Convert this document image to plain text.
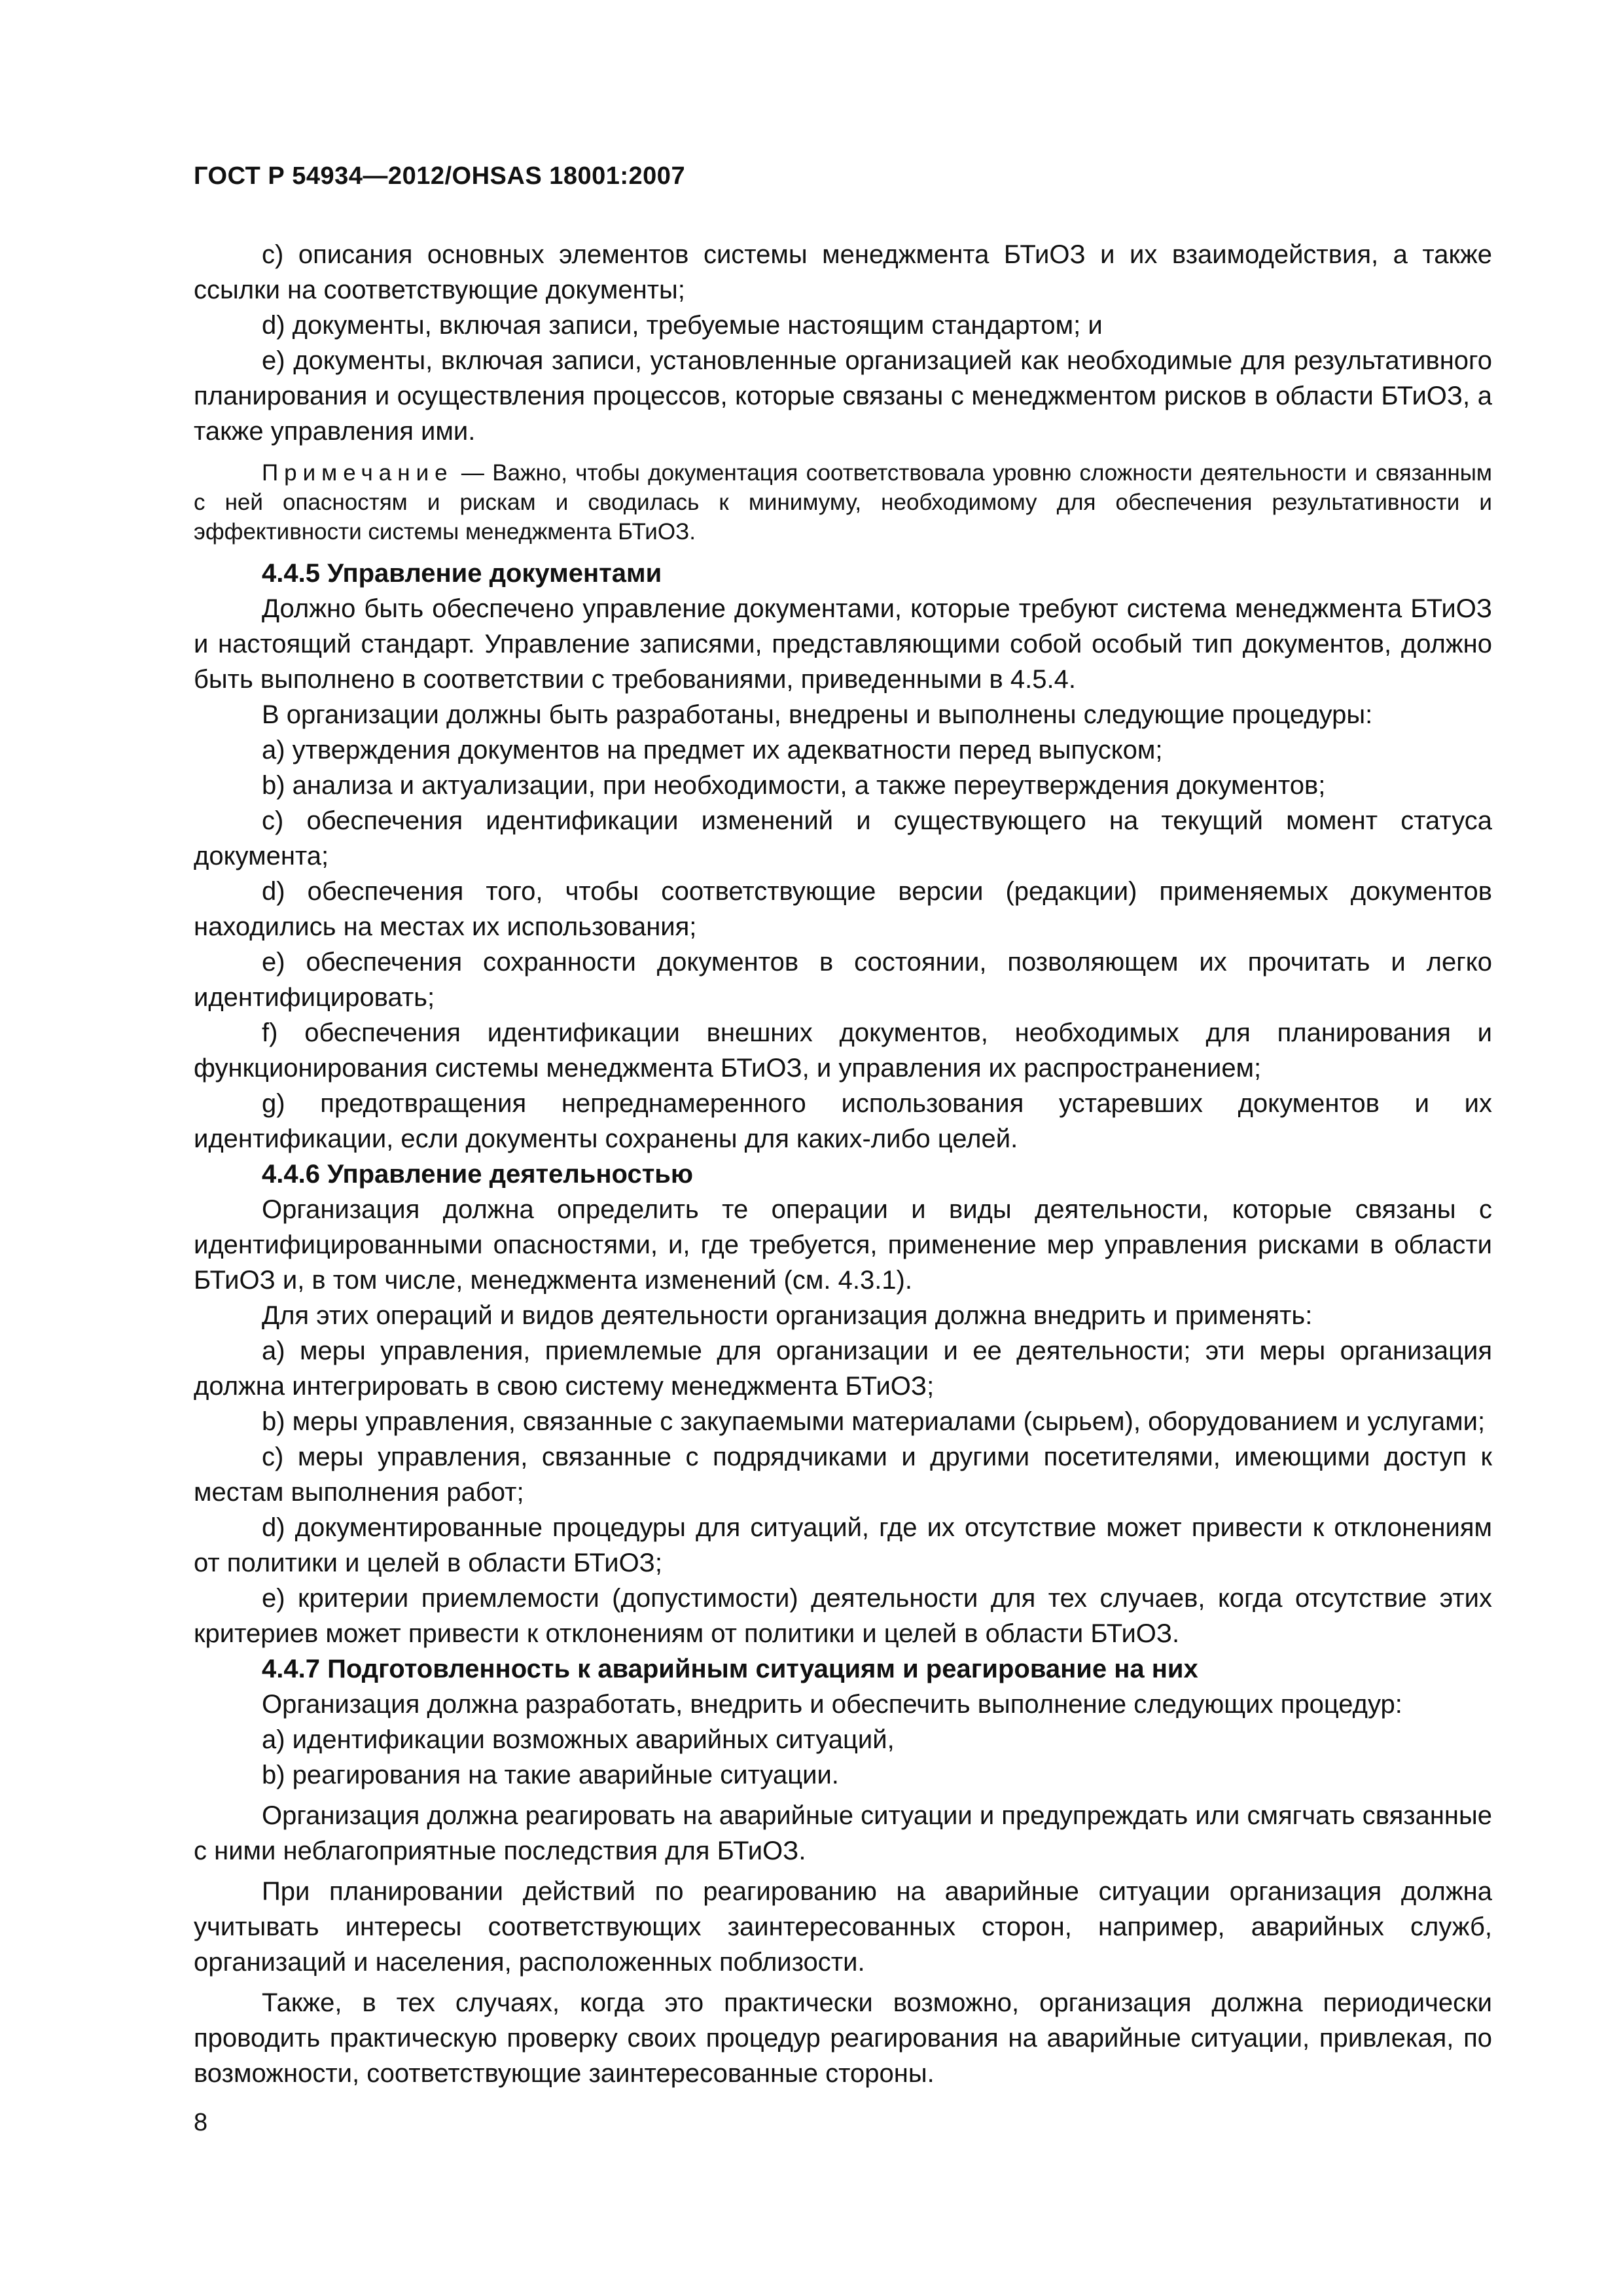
ГОСТ Р 54934—2012/OHSAS 18001:2007

с) описания основных элементов системы менеджмента БТиОЗ и их взаимодействия, а также ссылки на соответствующие документы;

d) документы, включая записи, требуемые настоящим стандартом; и

е) документы, включая записи, установленные организацией как необходимые для результативного планирования и осуществления процессов, которые связаны с менеджментом рисков в области БТиОЗ, а также управления ими.

Примечание — Важно, чтобы документация соответствовала уровню сложности деятельности и связанным с ней опасностям и рискам и сводилась к минимуму, необходимому для обеспечения результативности и эффективности системы менеджмента БТиОЗ.

4.4.5 Управление документами

Должно быть обеспечено управление документами, которые требуют система менеджмента БТиОЗ и настоящий стандарт. Управление записями, представляющими собой особый тип документов, должно быть выполнено в соответствии с требованиями, приведенными в 4.5.4.

В организации должны быть разработаны, внедрены и выполнены следующие процедуры:

а) утверждения документов на предмет их адекватности перед выпуском;

b) анализа и актуализации, при необходимости, а также переутверждения документов;

с) обеспечения идентификации изменений и существующего на текущий момент статуса документа;

d) обеспечения того, чтобы соответствующие версии (редакции) применяемых документов находились на местах их использования;

е) обеспечения сохранности документов в состоянии, позволяющем их прочитать и легко идентифицировать;

f) обеспечения идентификации внешних документов, необходимых для планирования и функционирования системы менеджмента БТиОЗ, и управления их распространением;

g) предотвращения непреднамеренного использования устаревших документов и их идентификации, если документы сохранены для каких-либо целей.

4.4.6 Управление деятельностью

Организация должна определить те операции и виды деятельности, которые связаны с идентифицированными опасностями, и, где требуется, применение мер управления рисками в области БТиОЗ и, в том числе, менеджмента изменений (см. 4.3.1).

Для этих операций и видов деятельности организация должна внедрить и применять:

а) меры управления, приемлемые для организации и ее деятельности; эти меры организация должна интегрировать в свою систему менеджмента БТиОЗ;

b) меры управления, связанные с закупаемыми материалами (сырьем), оборудованием и услугами;

с) меры управления, связанные с подрядчиками и другими посетителями, имеющими доступ к местам выполнения работ;

d) документированные процедуры для ситуаций, где их отсутствие может привести к отклонениям от политики и целей в области БТиОЗ;

е) критерии приемлемости (допустимости) деятельности для тех случаев, когда отсутствие этих критериев может привести к отклонениям от политики и целей в области БТиОЗ.

4.4.7 Подготовленность к аварийным ситуациям и реагирование на них

Организация должна разработать, внедрить и обеспечить выполнение следующих процедур:

а) идентификации возможных аварийных ситуаций,

b) реагирования на такие аварийные ситуации.

Организация должна реагировать на аварийные ситуации и предупреждать или смягчать связанные с ними неблагоприятные последствия для БТиОЗ.

При планировании действий по реагированию на аварийные ситуации организация должна учитывать интересы соответствующих заинтересованных сторон, например, аварийных служб, организаций и населения, расположенных поблизости.

Также, в тех случаях, когда это практически возможно, организация должна периодически проводить практическую проверку своих процедур реагирования на аварийные ситуации, привлекая, по возможности, соответствующие заинтересованные стороны.

8
